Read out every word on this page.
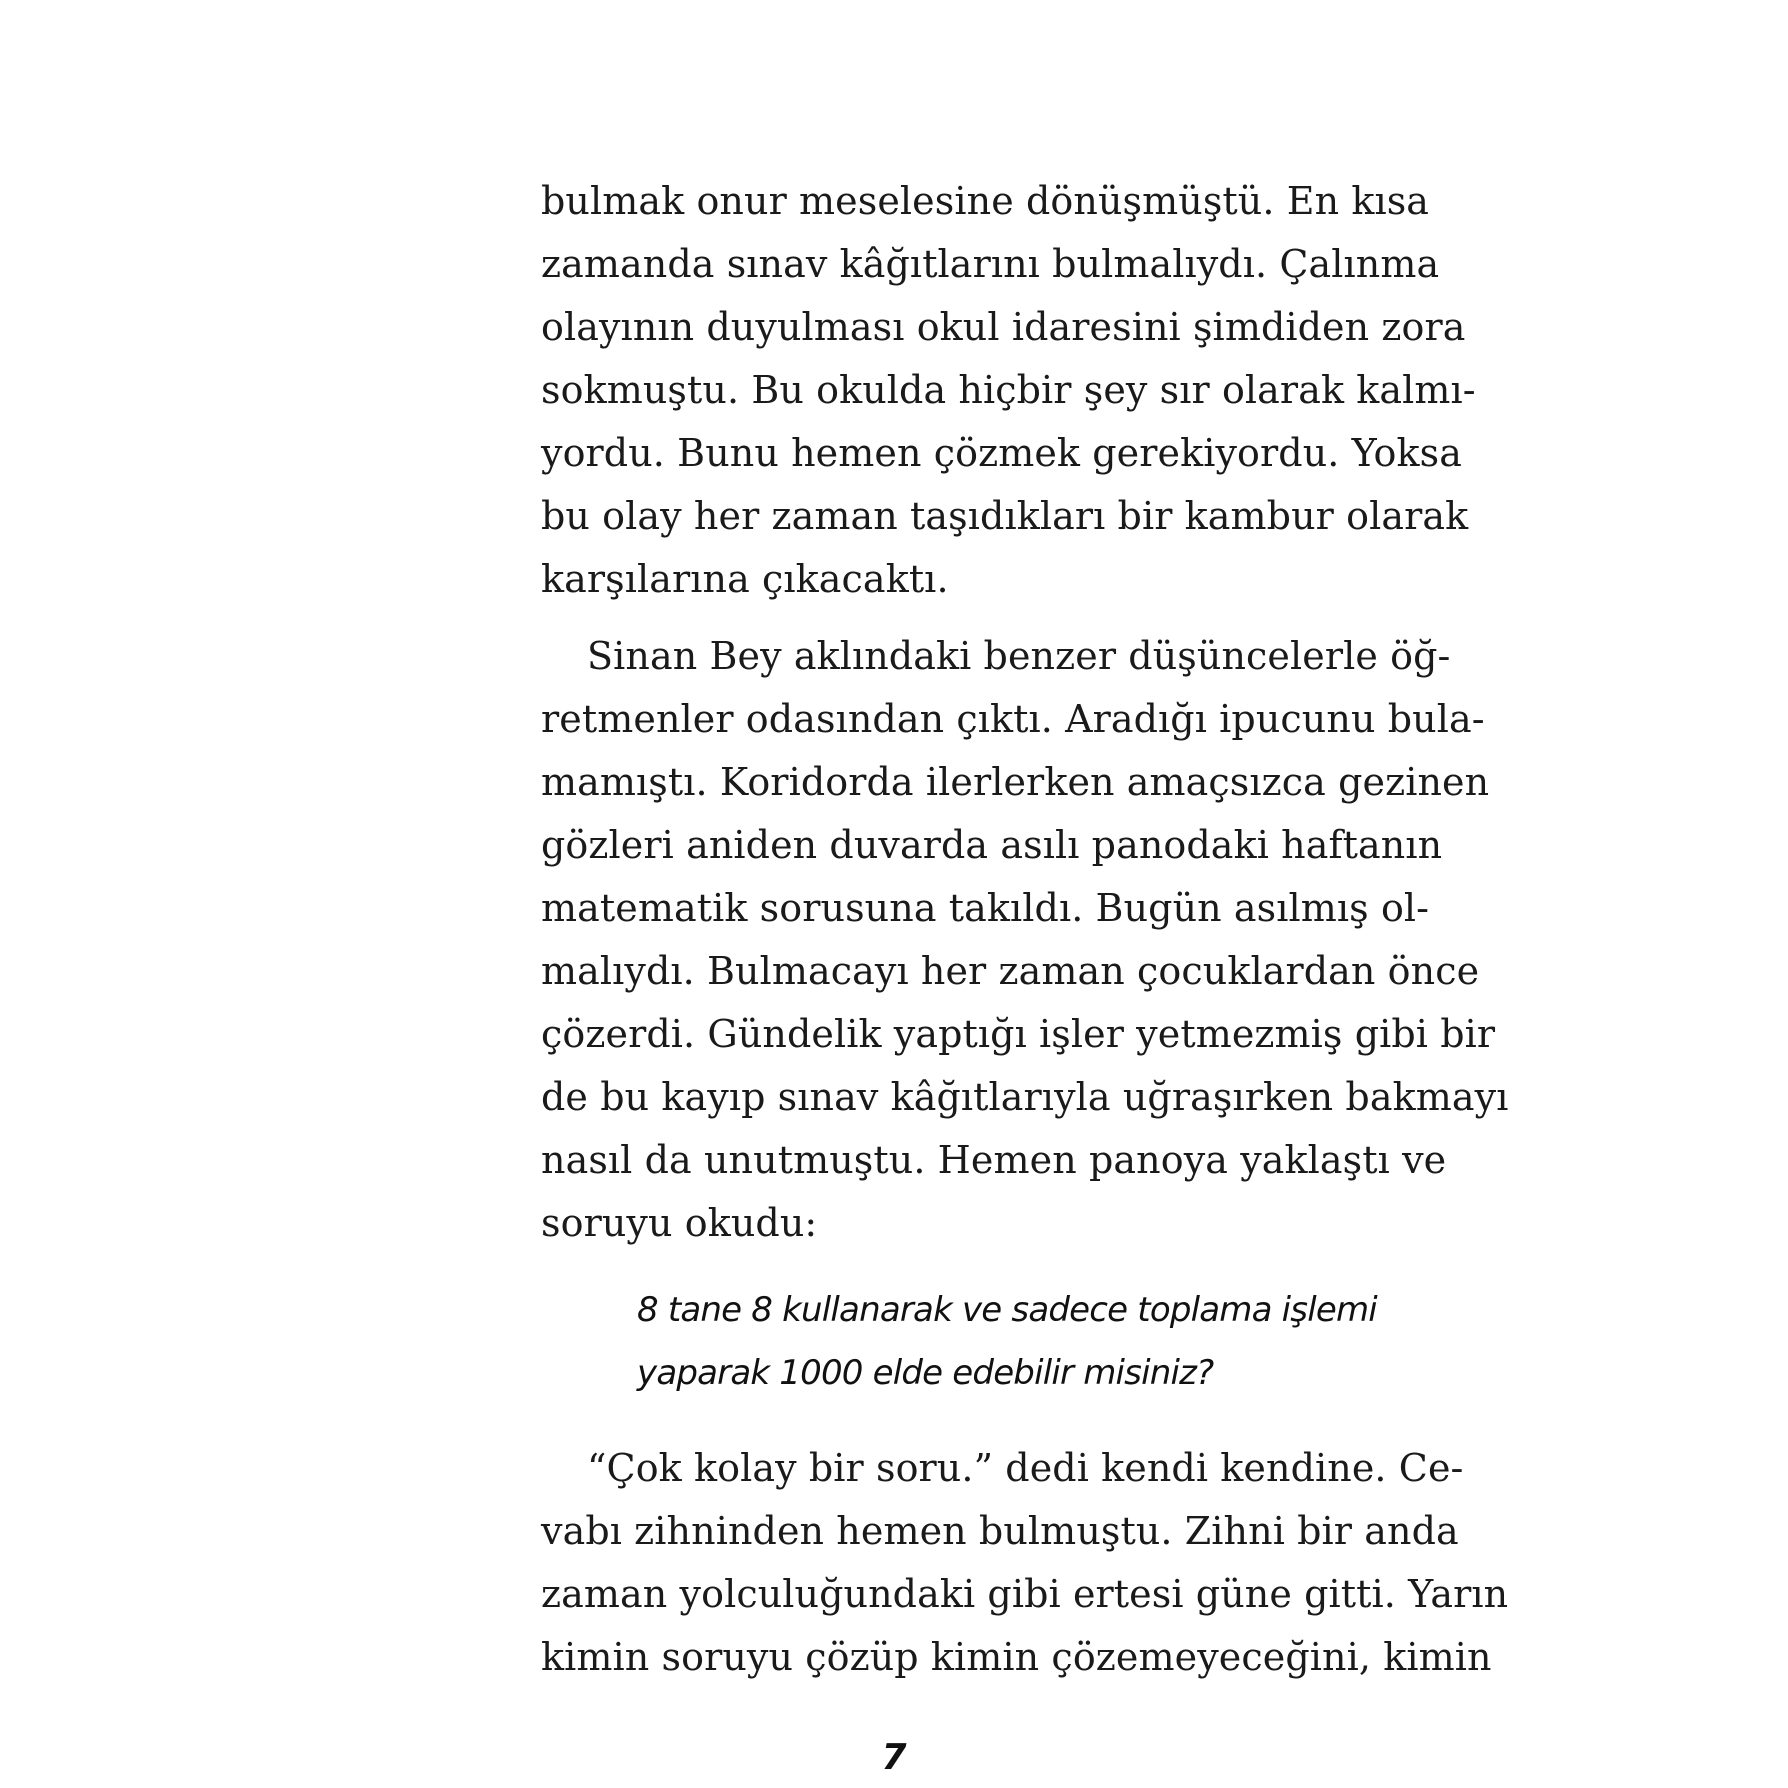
bulmak onur meselesine dönüşmüştü. En kısa
zamanda sınav kâğıtlarını bulmalıydı. Çalınma
olayının duyulması okul idaresini şimdiden zora
sokmuştu. Bu okulda hiçbir şey sır olarak kalmı-
yordu. Bunu hemen çözmek gerekiyordu. Yoksa
bu olay her zaman taşıdıkları bir kambur olarak
karşılarına çıkacaktı.
Sinan Bey aklındaki benzer düşüncelerle öğ-
retmenler odasından çıktı. Aradığı ipucunu bula-
mamıştı. Koridorda ilerlerken amaçsızca gezinen
gözleri aniden duvarda asılı panodaki haftanın
matematik sorusuna takıldı. Bugün asılmış ol-
malıydı. Bulmacayı her zaman çocuklardan önce
çözerdi. Gündelik yaptığı işler yetmezmiş gibi bir
de bu kayıp sınav kâğıtlarıyla uğraşırken bakmayı
nasıl da unutmuştu. Hemen panoya yaklaştı ve
soruyu okudu:
8 tane 8 kullanarak ve sadece toplama işlemi
yaparak 1000 elde edebilir misiniz?
“Çok kolay bir soru.” dedi kendi kendine. Ce-
vabı zihninden hemen bulmuştu. Zihni bir anda
zaman yolculuğundaki gibi ertesi güne gitti. Yarın
kimin soruyu çözüp kimin çözemeyeceğini, kimin
7
